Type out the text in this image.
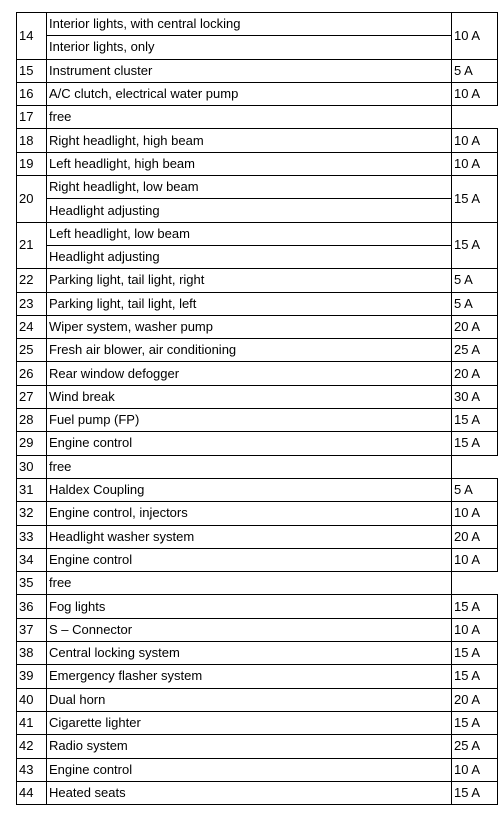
14	Interior lights, with central locking	10 A
	Interior lights, only	
15	Instrument cluster	5 A
16	A/C clutch, electrical water pump	10 A
17	free	
18	Right headlight, high beam	10 A
19	Left headlight, high beam	10 A
20	Right headlight, low beam	15 A
	Headlight adjusting	
21	Left headlight, low beam	15 A
	Headlight adjusting	
22	Parking light, tail light, right	5 A
23	Parking light, tail light, left	5 A
24	Wiper system, washer pump	20 A
25	Fresh air blower, air conditioning	25 A
26	Rear window defogger	20 A
27	Wind break	30 A
28	Fuel pump (FP)	15 A
29	Engine control	15 A
30	free	
31	Haldex Coupling	5 A
32	Engine control, injectors	10 A
33	Headlight washer system	20 A
34	Engine control	10 A
35	free	
36	Fog lights	15 A
37	S – Connector	10 A
38	Central locking system	15 A
39	Emergency flasher system	15 A
40	Dual horn	20 A
41	Cigarette lighter	15 A
42	Radio system	25 A
43	Engine control	10 A
44	Heated seats	15 A
